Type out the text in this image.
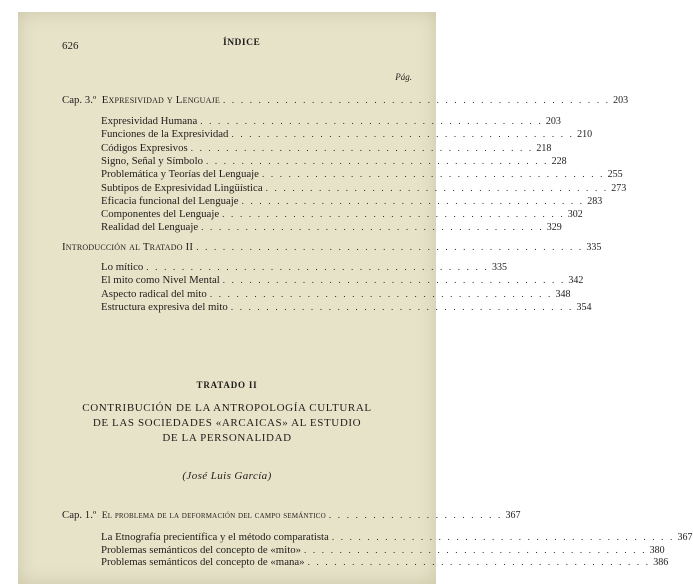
626	ÍNDICE
Pág.
Cap. 3.º Expresividad y Lenguaje . . . . . . . . . . . . . . . . . . . . . . . . . . . . . . . . . . . . . . . . . . . . 203
Expresividad Humana . . . . . . . . . . . . . . . . . . . . . . . . . . . . . . . . . . . . . . . 203
Funciones de la Expresividad . . . . . . . . . . . . . . . . . . . . . . . . . . . . . . . . . . . . . . . 210
Códigos Expresivos . . . . . . . . . . . . . . . . . . . . . . . . . . . . . . . . . . . . . . . 218
Signo, Señal y Símbolo . . . . . . . . . . . . . . . . . . . . . . . . . . . . . . . . . . . . . . . 228
Problemática y Teorías del Lenguaje . . . . . . . . . . . . . . . . . . . . . . . . . . . . . . . . . . . . . . . 255
Subtipos de Expresividad Lingüística . . . . . . . . . . . . . . . . . . . . . . . . . . . . . . . . . . . . . . . 273
Eficacia funcional del Lenguaje . . . . . . . . . . . . . . . . . . . . . . . . . . . . . . . . . . . . . . . 283
Componentes del Lenguaje . . . . . . . . . . . . . . . . . . . . . . . . . . . . . . . . . . . . . . . 302
Realidad del Lenguaje . . . . . . . . . . . . . . . . . . . . . . . . . . . . . . . . . . . . . . . 329
Introducción al Tratado II . . . . . . . . . . . . . . . . . . . . . . . . . . . . . . . . . . . . . . . . . . . . 335
Lo mítico . . . . . . . . . . . . . . . . . . . . . . . . . . . . . . . . . . . . . . . 335
El mito como Nivel Mental . . . . . . . . . . . . . . . . . . . . . . . . . . . . . . . . . . . . . . . 342
Aspecto radical del mito . . . . . . . . . . . . . . . . . . . . . . . . . . . . . . . . . . . . . . . 348
Estructura expresiva del mito . . . . . . . . . . . . . . . . . . . . . . . . . . . . . . . . . . . . . . . 354
TRATADO II
CONTRIBUCIÓN DE LA ANTROPOLOGÍA CULTURAL
DE LAS SOCIEDADES «ARCAICAS» AL ESTUDIO
DE LA PERSONALIDAD
(José Luis García)
Cap. 1.º El problema de la deformación del campo semántico . . . . . . . . . . . . . . . . . . . . 367
La Etnografía precientífica y el método comparatista . . . . . . . . . . . . . . . . . . . . . . . . . . . . . . . . . . . . . . . 367
Problemas semánticos del concepto de «mito» . . . . . . . . . . . . . . . . . . . . . . . . . . . . . . . . . . . . . . . 380
Problemas semánticos del concepto de «mana» . . . . . . . . . . . . . . . . . . . . . . . . . . . . . . . . . . . . . . . 386
